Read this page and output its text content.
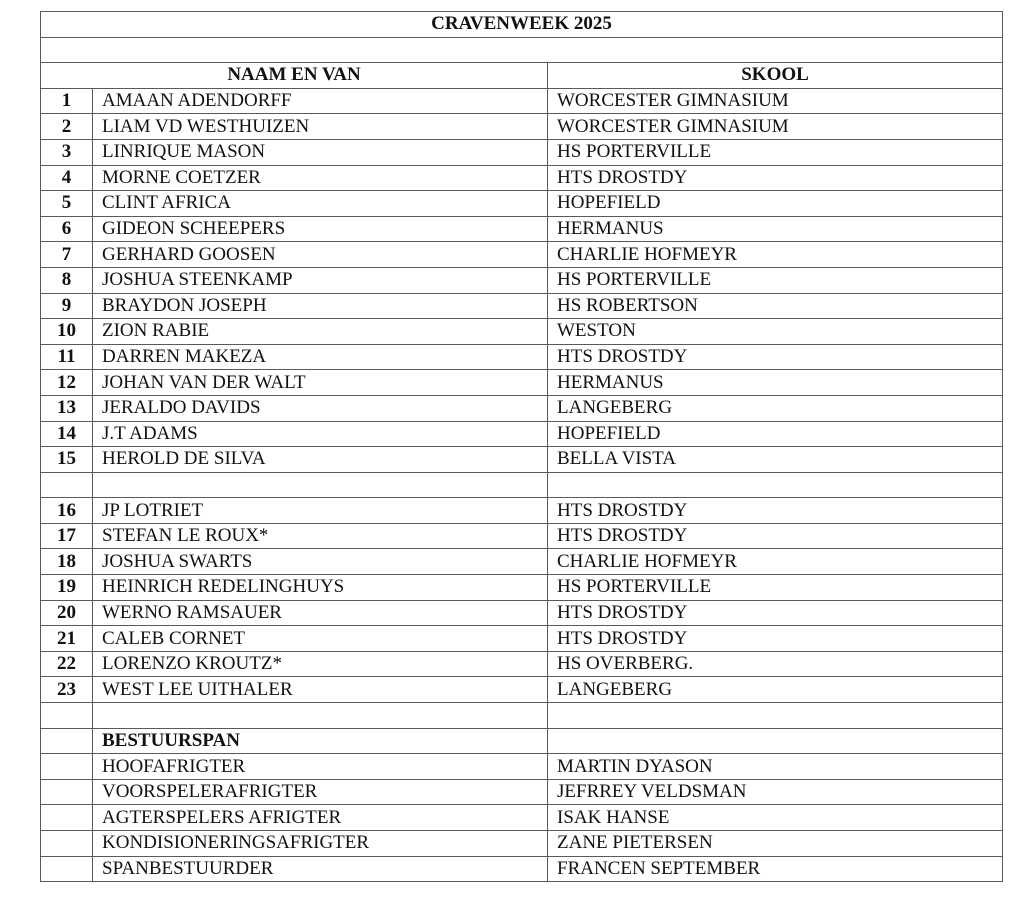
CRAVENWEEK 2025		

NAAM EN VAN		SKOOL
1	AMAAN ADENDORFF	WORCESTER GIMNASIUM
2	LIAM VD WESTHUIZEN	WORCESTER GIMNASIUM
3	LINRIQUE MASON	HS PORTERVILLE
4	MORNE COETZER	HTS DROSTDY
5	CLINT AFRICA	HOPEFIELD
6	GIDEON SCHEEPERS	HERMANUS
7	GERHARD GOOSEN	CHARLIE HOFMEYR
8	JOSHUA STEENKAMP	HS PORTERVILLE
9	BRAYDON JOSEPH	HS ROBERTSON
10	ZION RABIE	WESTON
11	DARREN MAKEZA	HTS DROSTDY
12	JOHAN VAN DER WALT	HERMANUS
13	JERALDO DAVIDS	LANGEBERG
14	J.T ADAMS	HOPEFIELD
15	HEROLD DE SILVA	BELLA VISTA

16	JP LOTRIET	HTS DROSTDY
17	STEFAN LE ROUX*	HTS DROSTDY
18	JOSHUA SWARTS	CHARLIE HOFMEYR
19	HEINRICH REDELINGHUYS	HS PORTERVILLE
20	WERNO RAMSAUER	HTS DROSTDY
21	CALEB CORNET	HTS DROSTDY
22	LORENZO KROUTZ*	HS OVERBERG.
23	WEST LEE UITHALER	LANGEBERG

	BESTUURSPAN	
	HOOFAFRIGTER	MARTIN DYASON
	VOORSPELERAFRIGTER	JEFRREY VELDSMAN
	AGTERSPELERS AFRIGTER	ISAK HANSE
	KONDISIONERINGSAFRIGTER	ZANE PIETERSEN
	SPANBESTUURDER	FRANCEN SEPTEMBER
